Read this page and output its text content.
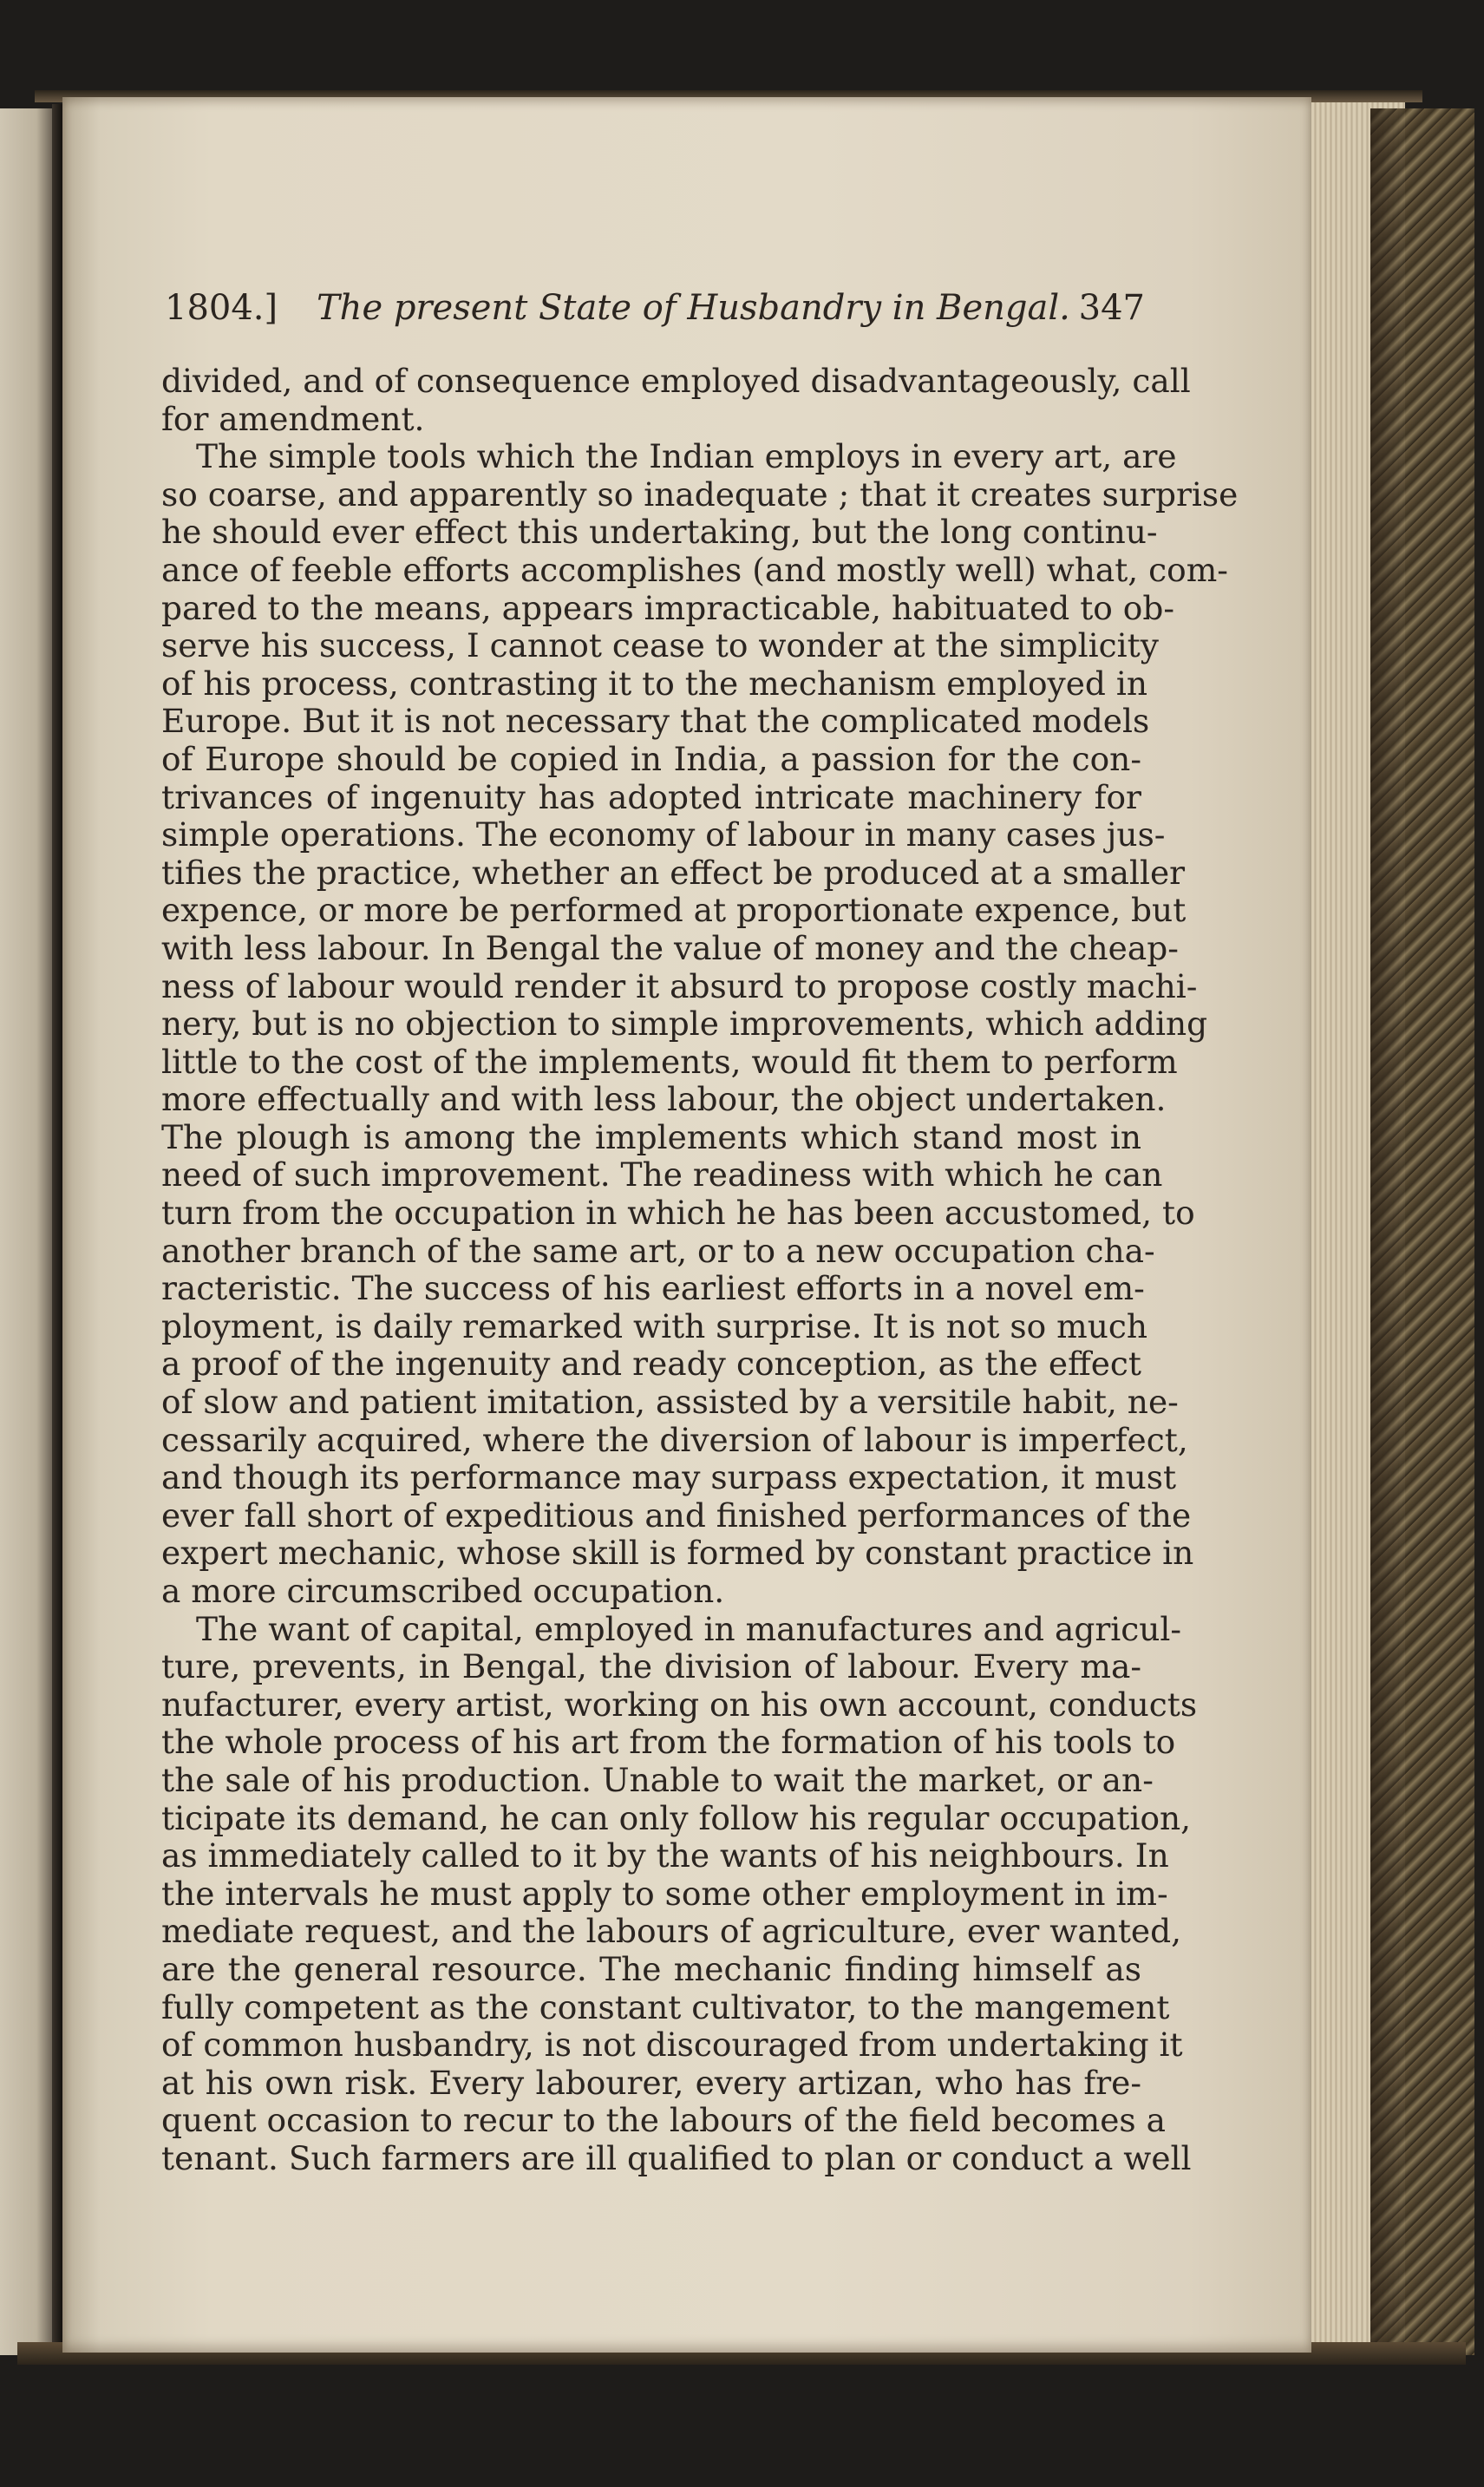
1804.] The present State of Husbandry in Bengal. 347
divided, and of consequence employed disadvantageously, call
for amendment.
The simple tools which the Indian employs in every art, are
so coarse, and apparently so inadequate ; that it creates surprise
he should ever effect this undertaking, but the long continu-
ance of feeble efforts accomplishes (and mostly well) what, com-
pared to the means, appears impracticable, habituated to ob-
serve his success, I cannot cease to wonder at the simplicity
of his process, contrasting it to the mechanism employed in
Europe. But it is not necessary that the complicated models
of Europe should be copied in India, a passion for the con-
trivances of ingenuity has adopted intricate machinery for
simple operations. The economy of labour in many cases jus-
tifies the practice, whether an effect be produced at a smaller
expence, or more be performed at proportionate expence, but
with less labour. In Bengal the value of money and the cheap-
ness of labour would render it absurd to propose costly machi-
nery, but is no objection to simple improvements, which adding
little to the cost of the implements, would fit them to perform
more effectually and with less labour, the object undertaken.
The plough is among the implements which stand most in
need of such improvement. The readiness with which he can
turn from the occupation in which he has been accustomed, to
another branch of the same art, or to a new occupation cha-
racteristic. The success of his earliest efforts in a novel em-
ployment, is daily remarked with surprise. It is not so much
a proof of the ingenuity and ready conception, as the effect
of slow and patient imitation, assisted by a versitile habit, ne-
cessarily acquired, where the diversion of labour is imperfect,
and though its performance may surpass expectation, it must
ever fall short of expeditious and finished performances of the
expert mechanic, whose skill is formed by constant practice in
a more circumscribed occupation.
The want of capital, employed in manufactures and agricul-
ture, prevents, in Bengal, the division of labour. Every ma-
nufacturer, every artist, working on his own account, conducts
the whole process of his art from the formation of his tools to
the sale of his production. Unable to wait the market, or an-
ticipate its demand, he can only follow his regular occupation,
as immediately called to it by the wants of his neighbours. In
the intervals he must apply to some other employment in im-
mediate request, and the labours of agriculture, ever wanted,
are the general resource. The mechanic finding himself as
fully competent as the constant cultivator, to the mangement
of common husbandry, is not discouraged from undertaking it
at his own risk. Every labourer, every artizan, who has fre-
quent occasion to recur to the labours of the field becomes a
tenant. Such farmers are ill qualified to plan or conduct a well
